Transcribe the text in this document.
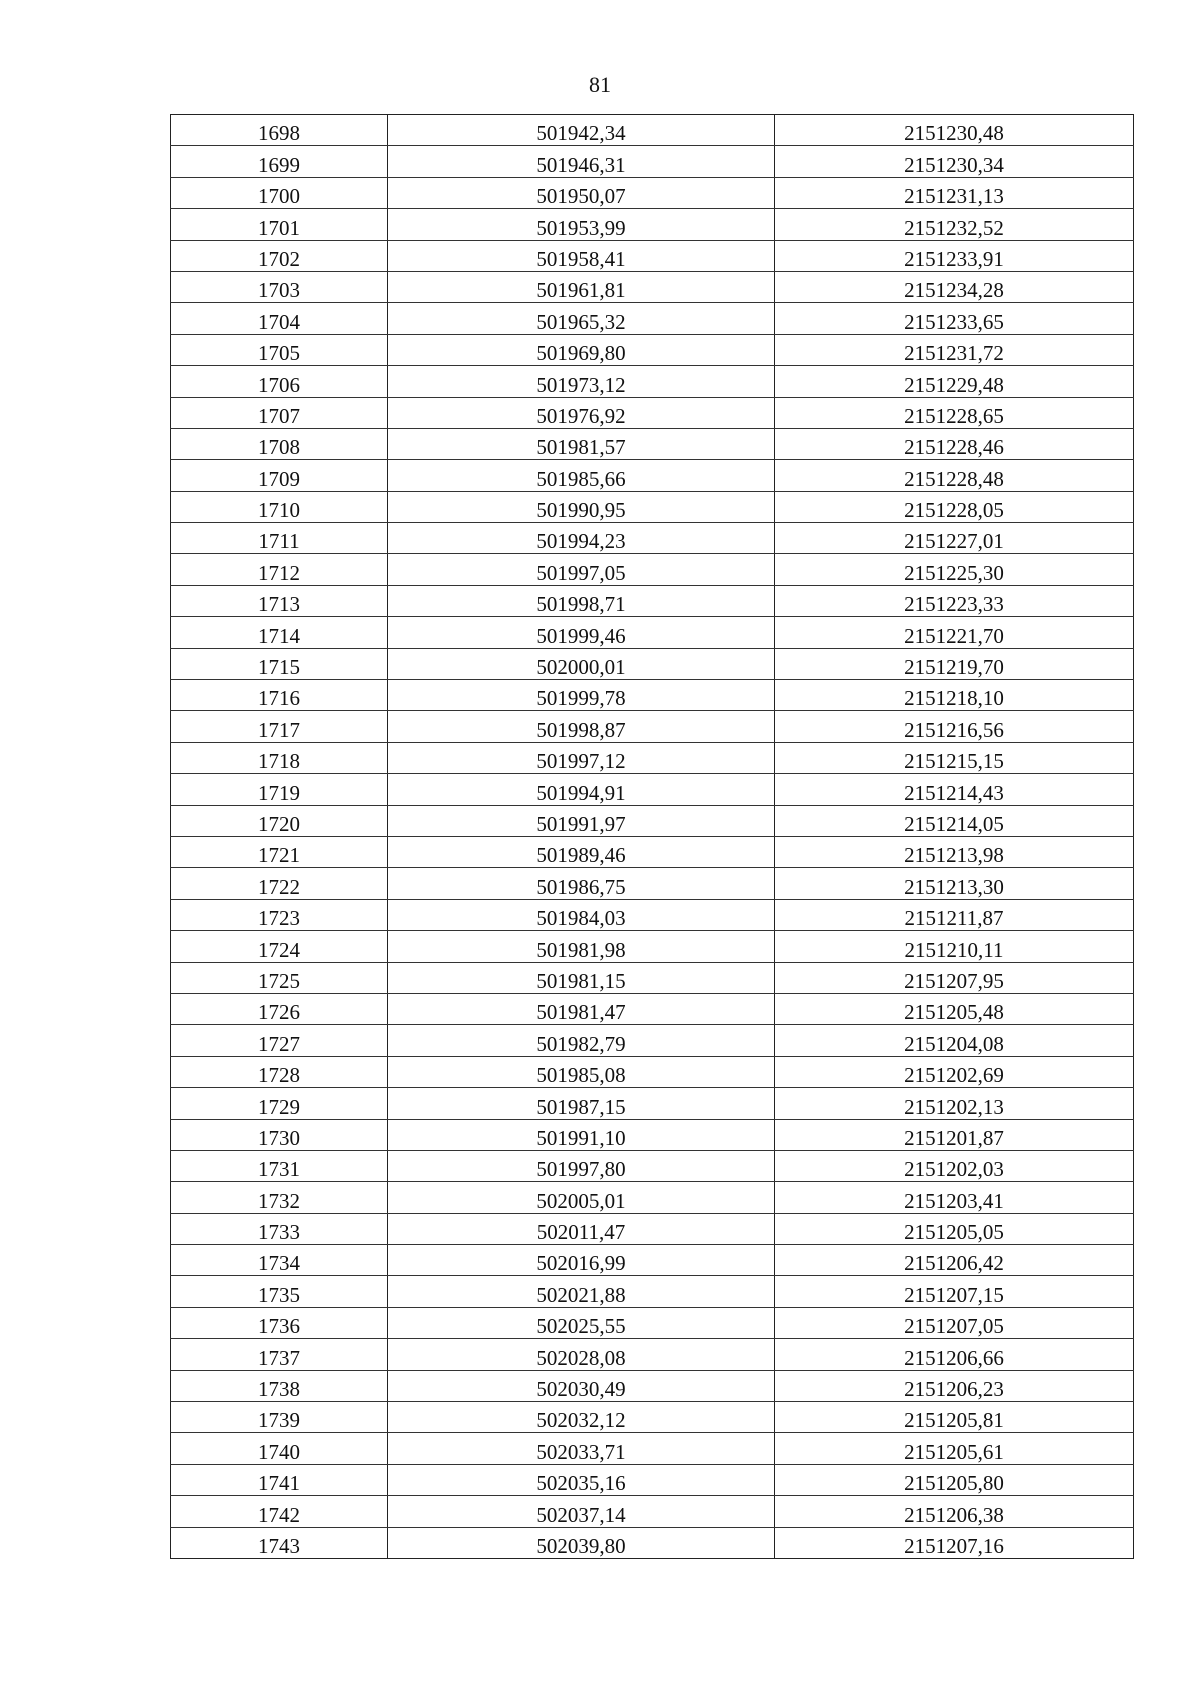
81
1698	501942,34	2151230,48
1699	501946,31	2151230,34
1700	501950,07	2151231,13
1701	501953,99	2151232,52
1702	501958,41	2151233,91
1703	501961,81	2151234,28
1704	501965,32	2151233,65
1705	501969,80	2151231,72
1706	501973,12	2151229,48
1707	501976,92	2151228,65
1708	501981,57	2151228,46
1709	501985,66	2151228,48
1710	501990,95	2151228,05
1711	501994,23	2151227,01
1712	501997,05	2151225,30
1713	501998,71	2151223,33
1714	501999,46	2151221,70
1715	502000,01	2151219,70
1716	501999,78	2151218,10
1717	501998,87	2151216,56
1718	501997,12	2151215,15
1719	501994,91	2151214,43
1720	501991,97	2151214,05
1721	501989,46	2151213,98
1722	501986,75	2151213,30
1723	501984,03	2151211,87
1724	501981,98	2151210,11
1725	501981,15	2151207,95
1726	501981,47	2151205,48
1727	501982,79	2151204,08
1728	501985,08	2151202,69
1729	501987,15	2151202,13
1730	501991,10	2151201,87
1731	501997,80	2151202,03
1732	502005,01	2151203,41
1733	502011,47	2151205,05
1734	502016,99	2151206,42
1735	502021,88	2151207,15
1736	502025,55	2151207,05
1737	502028,08	2151206,66
1738	502030,49	2151206,23
1739	502032,12	2151205,81
1740	502033,71	2151205,61
1741	502035,16	2151205,80
1742	502037,14	2151206,38
1743	502039,80	2151207,16
